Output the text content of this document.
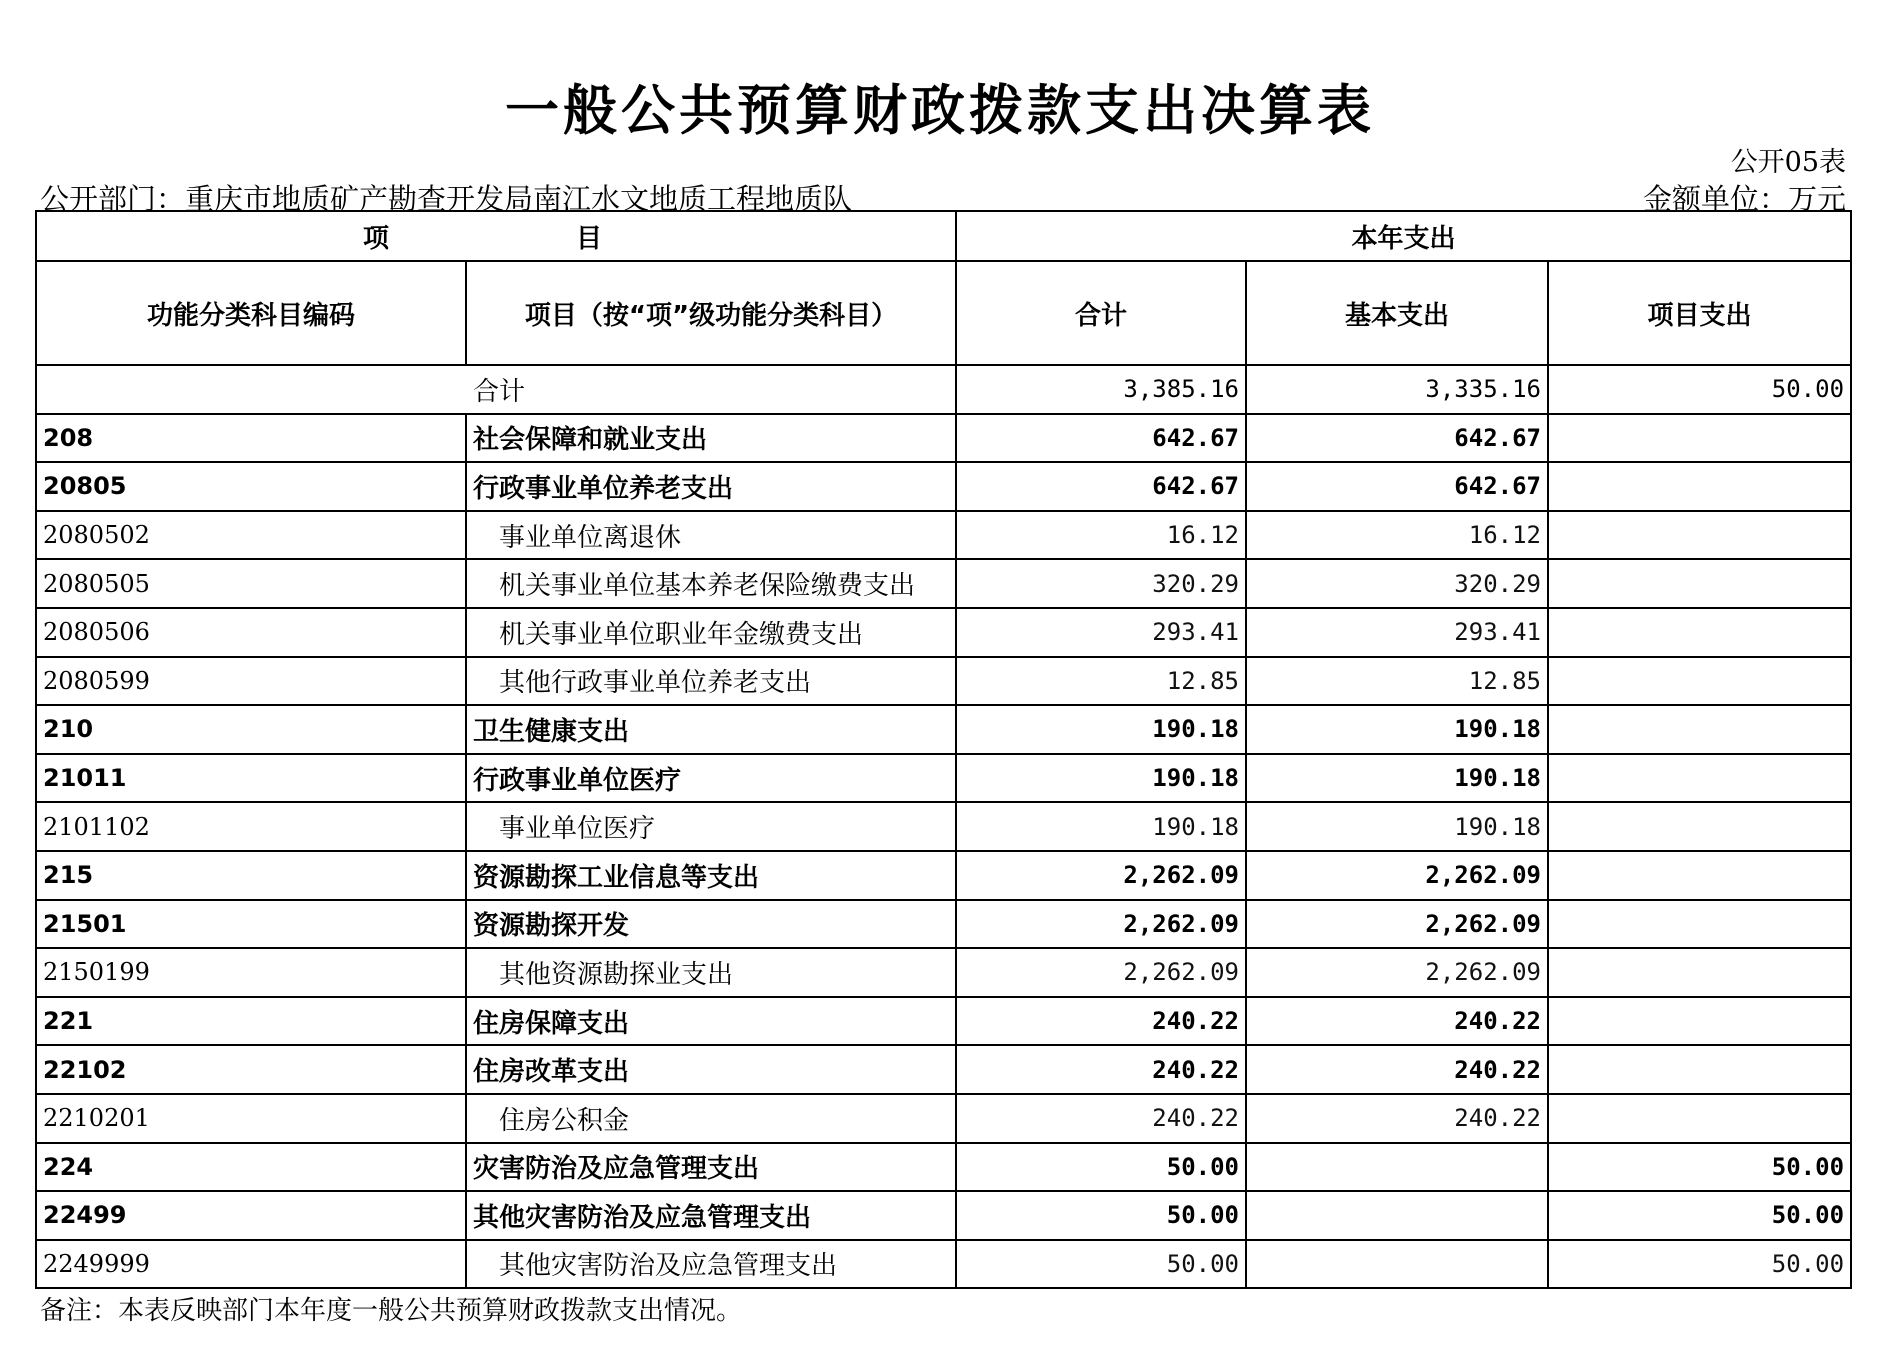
一般公共预算财政拨款支出决算表
公开05表
公开部门：重庆市地质矿产勘查开发局南江水文地质工程地质队	金额单位：万元
项 目		本年支出		
功能分类科目编码	项目（按“项”级功能分类科目）	合计	基本支出	项目支出
合计		3,385.16	3,335.16	50.00
208	社会保障和就业支出	642.67	642.67	
20805	行政事业单位养老支出	642.67	642.67	
2080502	事业单位离退休	16.12	16.12	
2080505	机关事业单位基本养老保险缴费支出	320.29	320.29	
2080506	机关事业单位职业年金缴费支出	293.41	293.41	
2080599	其他行政事业单位养老支出	12.85	12.85	
210	卫生健康支出	190.18	190.18	
21011	行政事业单位医疗	190.18	190.18	
2101102	事业单位医疗	190.18	190.18	
215	资源勘探工业信息等支出	2,262.09	2,262.09	
21501	资源勘探开发	2,262.09	2,262.09	
2150199	其他资源勘探业支出	2,262.09	2,262.09	
221	住房保障支出	240.22	240.22	
22102	住房改革支出	240.22	240.22	
2210201	住房公积金	240.22	240.22	
224	灾害防治及应急管理支出	50.00		50.00
22499	其他灾害防治及应急管理支出	50.00		50.00
2249999	其他灾害防治及应急管理支出	50.00		50.00
备注：本表反映部门本年度一般公共预算财政拨款支出情况。
